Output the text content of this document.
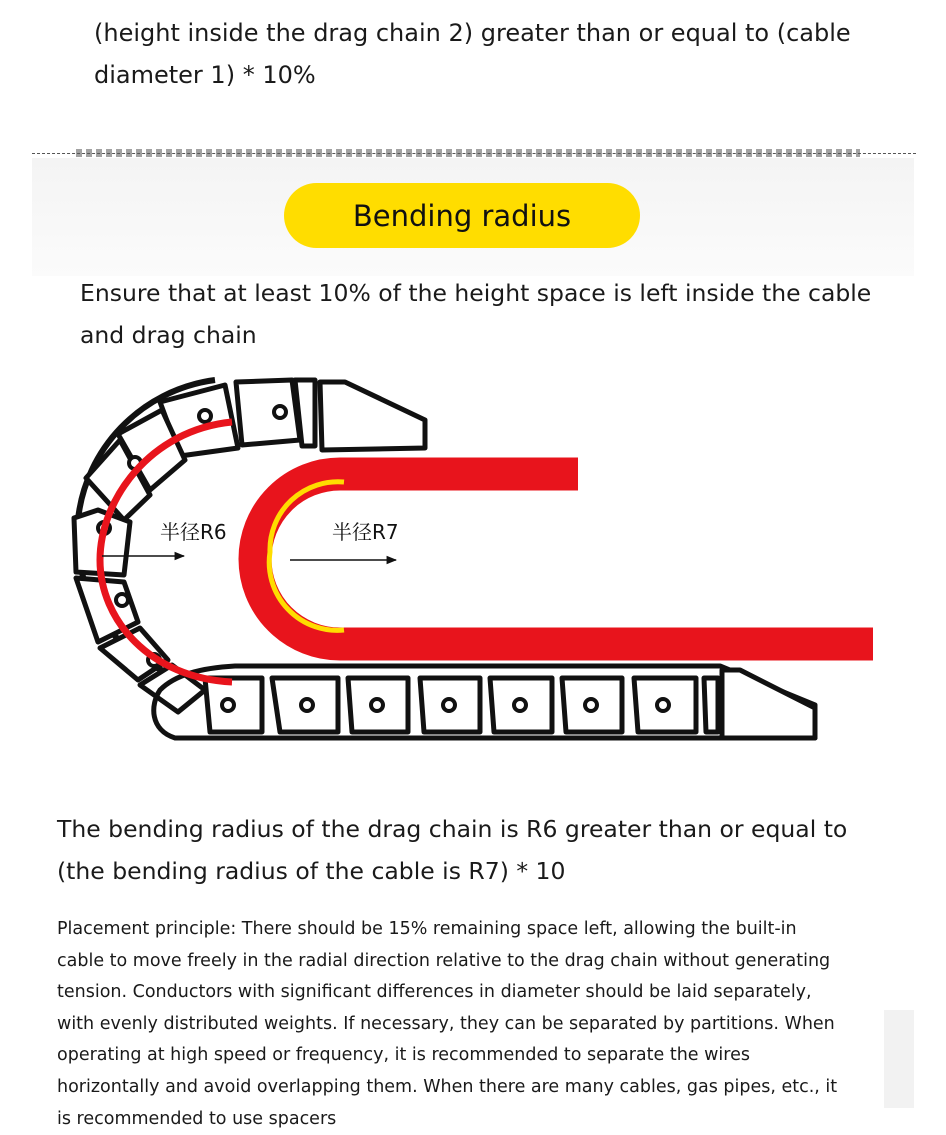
(height inside the drag chain 2) greater than or equal to (cable diameter 1) * 10%

Bending radius

Ensure that at least 10% of the height space is left inside the cable and drag chain

半径R6	半径R7

The bending radius of the drag chain is R6 greater than or equal to (the bending radius of the cable is R7) * 10

Placement principle: There should be 15% remaining space left, allowing the built-in cable to move freely in the radial direction relative to the drag chain without generating tension. Conductors with significant differences in diameter should be laid separately, with evenly distributed weights. If necessary, they can be separated by partitions. When operating at high speed or frequency, it is recommended to separate the wires horizontally and avoid overlapping them. When there are many cables, gas pipes, etc., it is recommended to use spacers
